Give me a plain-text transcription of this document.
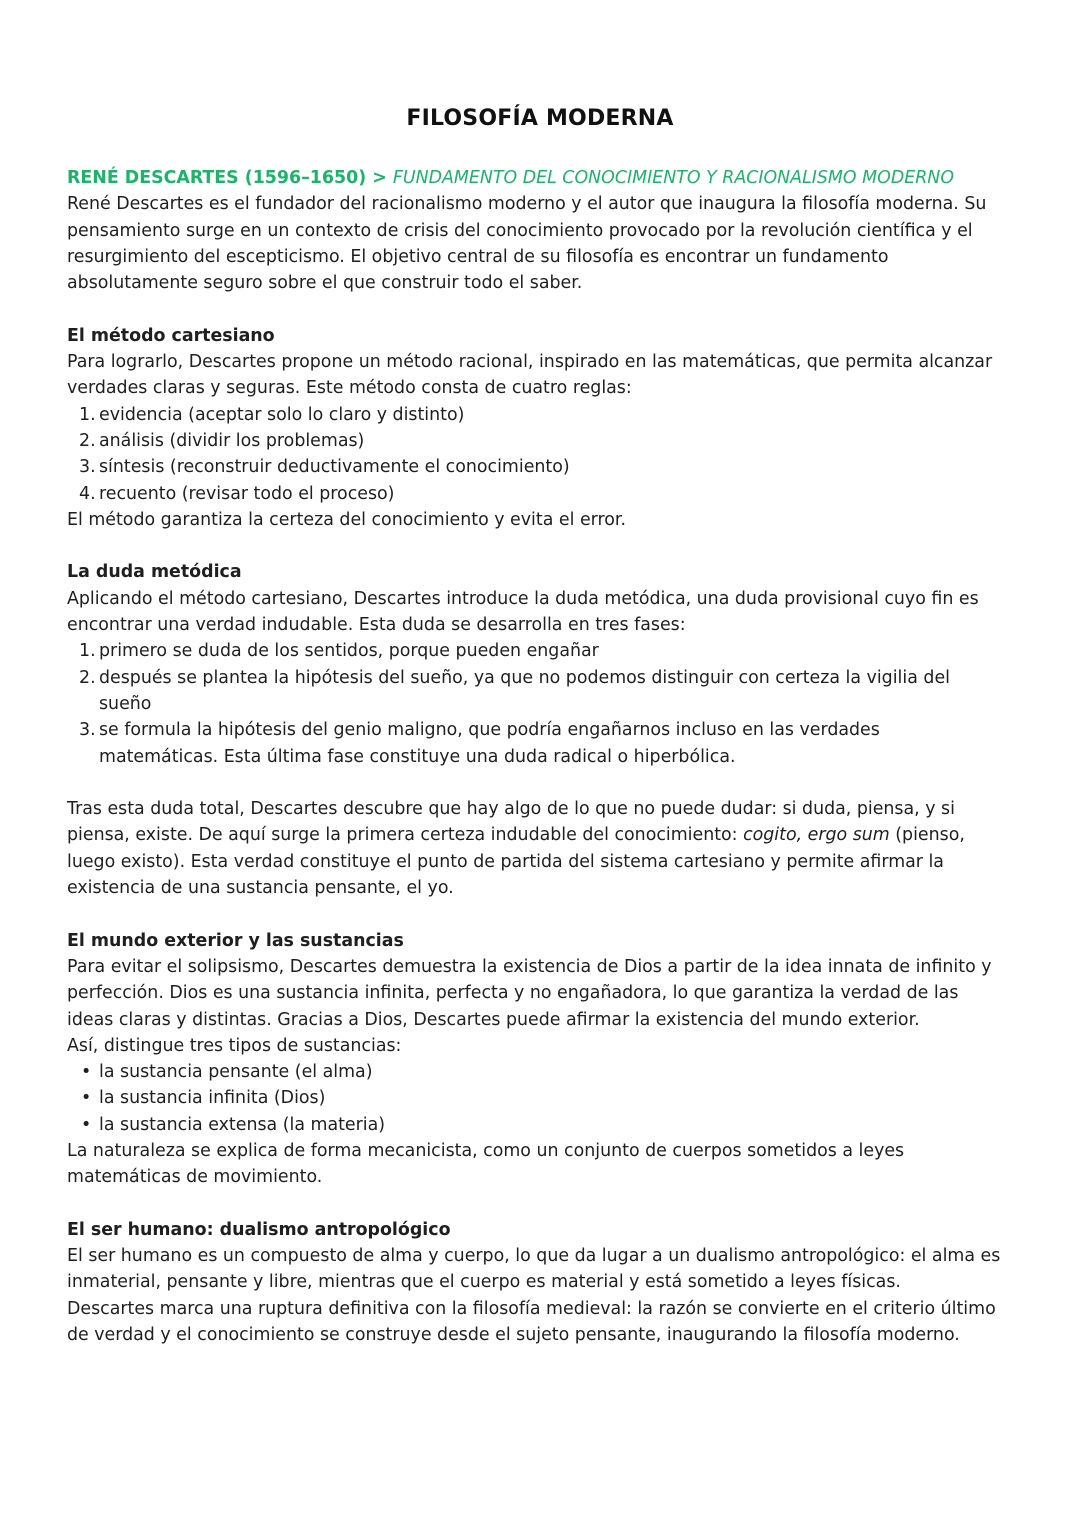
FILOSOFÍA MODERNA
RENÉ DESCARTES (1596–1650) > FUNDAMENTO DEL CONOCIMIENTO Y RACIONALISMO MODERNO
René Descartes es el fundador del racionalismo moderno y el autor que inaugura la filosofía moderna. Su
pensamiento surge en un contexto de crisis del conocimiento provocado por la revolución científica y el
resurgimiento del escepticismo. El objetivo central de su filosofía es encontrar un fundamento
absolutamente seguro sobre el que construir todo el saber.
El método cartesiano
Para lograrlo, Descartes propone un método racional, inspirado en las matemáticas, que permita alcanzar
verdades claras y seguras. Este método consta de cuatro reglas:
1. evidencia (aceptar solo lo claro y distinto)
2. análisis (dividir los problemas)
3. síntesis (reconstruir deductivamente el conocimiento)
4. recuento (revisar todo el proceso)
El método garantiza la certeza del conocimiento y evita el error.
La duda metódica
Aplicando el método cartesiano, Descartes introduce la duda metódica, una duda provisional cuyo fin es
encontrar una verdad indudable. Esta duda se desarrolla en tres fases:
1. primero se duda de los sentidos, porque pueden engañar
2. después se plantea la hipótesis del sueño, ya que no podemos distinguir con certeza la vigilia del
sueño
3. se formula la hipótesis del genio maligno, que podría engañarnos incluso en las verdades
matemáticas. Esta última fase constituye una duda radical o hiperbólica.
Tras esta duda total, Descartes descubre que hay algo de lo que no puede dudar: si duda, piensa, y si
piensa, existe. De aquí surge la primera certeza indudable del conocimiento: cogito, ergo sum (pienso,
luego existo). Esta verdad constituye el punto de partida del sistema cartesiano y permite afirmar la
existencia de una sustancia pensante, el yo.
El mundo exterior y las sustancias
Para evitar el solipsismo, Descartes demuestra la existencia de Dios a partir de la idea innata de infinito y
perfección. Dios es una sustancia infinita, perfecta y no engañadora, lo que garantiza la verdad de las
ideas claras y distintas. Gracias a Dios, Descartes puede afirmar la existencia del mundo exterior.
Así, distingue tres tipos de sustancias:
• la sustancia pensante (el alma)
• la sustancia infinita (Dios)
• la sustancia extensa (la materia)
La naturaleza se explica de forma mecanicista, como un conjunto de cuerpos sometidos a leyes
matemáticas de movimiento.
El ser humano: dualismo antropológico
El ser humano es un compuesto de alma y cuerpo, lo que da lugar a un dualismo antropológico: el alma es
inmaterial, pensante y libre, mientras que el cuerpo es material y está sometido a leyes físicas.
Descartes marca una ruptura definitiva con la filosofía medieval: la razón se convierte en el criterio último
de verdad y el conocimiento se construye desde el sujeto pensante, inaugurando la filosofía moderno.
